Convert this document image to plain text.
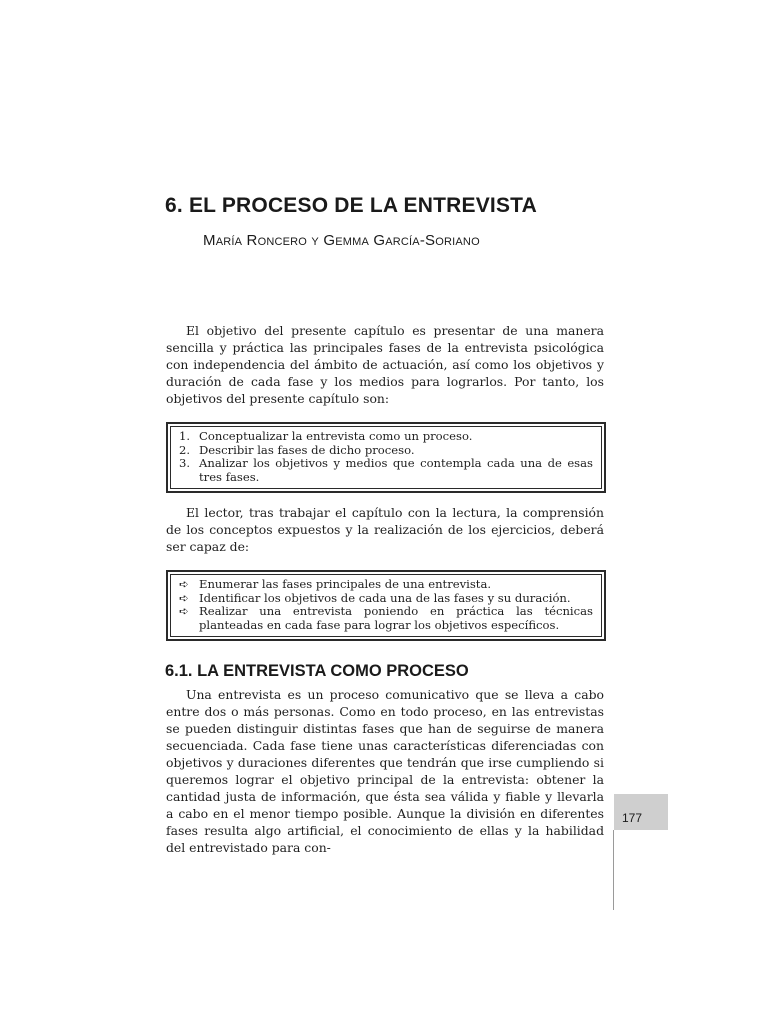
6. EL PROCESO DE LA ENTREVISTA

María Roncero y Gemma García-Soriano

El objetivo del presente capítulo es presentar de una manera sencilla y práctica las principales fases de la entrevista psicológica con independencia del ámbito de actuación, así como los objetivos y duración de cada fase y los medios para lograrlos. Por tanto, los objetivos del presente capítulo son:

1. Conceptualizar la entrevista como un proceso.
2. Describir las fases de dicho proceso.
3. Analizar los objetivos y medios que contempla cada una de esas tres fases.

El lector, tras trabajar el capítulo con la lectura, la comprensión de los conceptos expuestos y la realización de los ejercicios, deberá ser capaz de:

➪ Enumerar las fases principales de una entrevista.
➪ Identificar los objetivos de cada una de las fases y su duración.
➪ Realizar una entrevista poniendo en práctica las técnicas planteadas en cada fase para lograr los objetivos específicos.
6.1. LA ENTREVISTA COMO PROCESO

Una entrevista es un proceso comunicativo que se lleva a cabo entre dos o más personas. Como en todo proceso, en las entrevistas se pueden distinguir distintas fases que han de seguirse de manera secuenciada. Cada fase tiene unas características diferenciadas con objetivos y duraciones diferentes que tendrán que irse cumpliendo si queremos lograr el objetivo principal de la entrevista: obtener la cantidad justa de información, que ésta sea válida y fiable y llevarla a cabo en el menor tiempo posible. Aunque la división en diferentes fases resulta algo artificial, el conocimiento de ellas y la habilidad del entrevistado para con-

177
